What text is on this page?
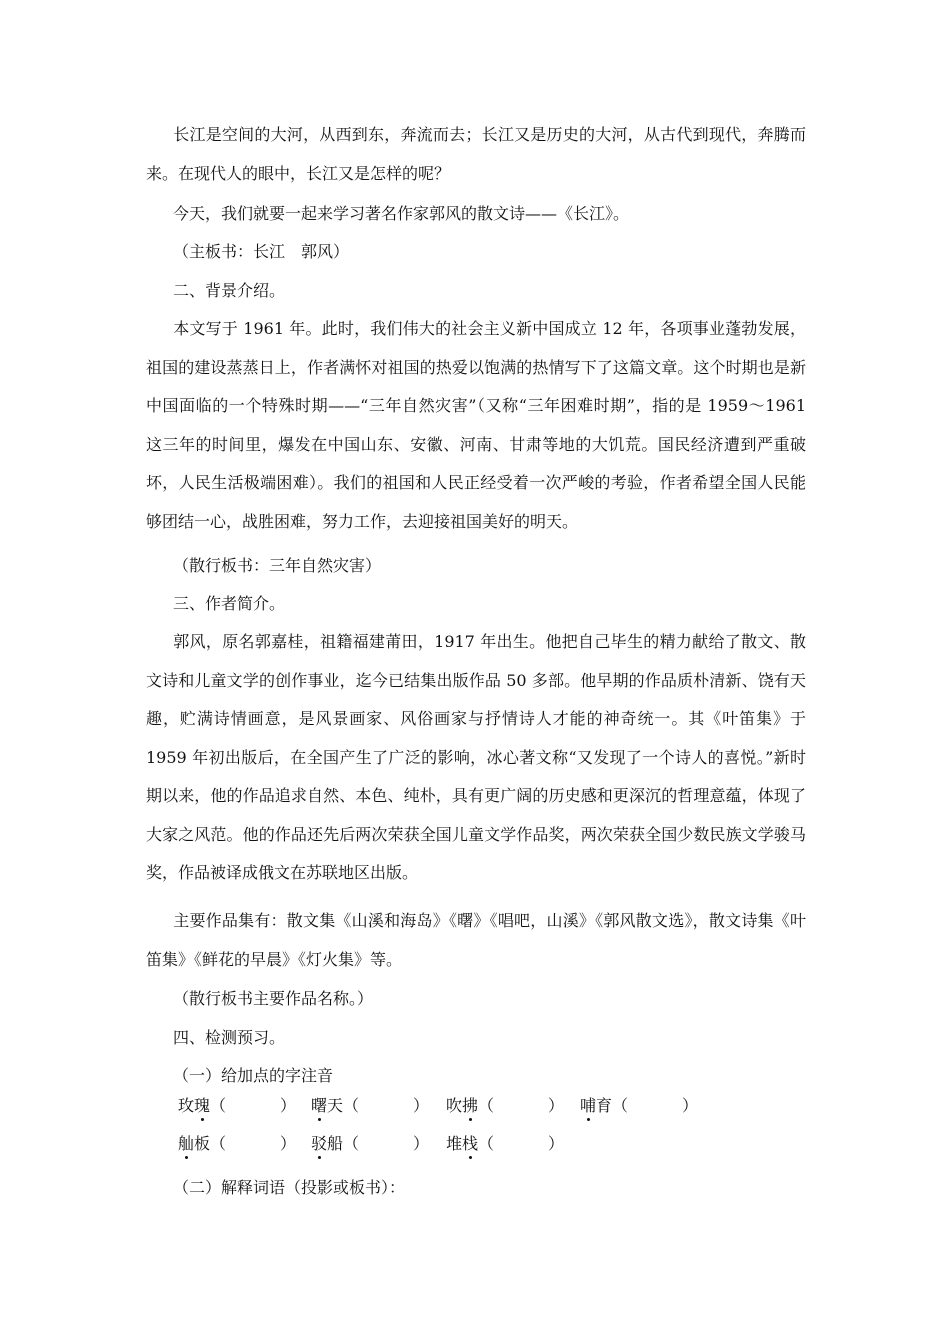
长江是空间的大河，从西到东，奔流而去；长江又是历史的大河，从古代到现代，奔腾而来。在现代人的眼中，长江又是怎样的呢？

今天，我们就要一起来学习著名作家郭风的散文诗——《长江》。

（主板书：长江　郭风）

二、背景介绍。

本文写于 1961 年。此时，我们伟大的社会主义新中国成立 12 年，各项事业蓬勃发展，祖国的建设蒸蒸日上，作者满怀对祖国的热爱以饱满的热情写下了这篇文章。这个时期也是新中国面临的一个特殊时期——“三年自然灾害”（又称“三年困难时期”，指的是 1959～1961 这三年的时间里，爆发在中国山东、安徽、河南、甘肃等地的大饥荒。国民经济遭到严重破坏，人民生活极端困难）。我们的祖国和人民正经受着一次严峻的考验，作者希望全国人民能够团结一心，战胜困难，努力工作，去迎接祖国美好的明天。

（散行板书：三年自然灾害）

三、作者简介。

郭风，原名郭嘉桂，祖籍福建莆田，1917 年出生。他把自己毕生的精力献给了散文、散文诗和儿童文学的创作事业，迄今已结集出版作品 50 多部。他早期的作品质朴清新、饶有天趣，贮满诗情画意，是风景画家、风俗画家与抒情诗人才能的神奇统一。其《叶笛集》于 1959 年初出版后，在全国产生了广泛的影响，冰心著文称“又发现了一个诗人的喜悦。”新时期以来，他的作品追求自然、本色、纯朴，具有更广阔的历史感和更深沉的哲理意蕴，体现了大家之风范。他的作品还先后两次荣获全国儿童文学作品奖，两次荣获全国少数民族文学骏马奖，作品被译成俄文在苏联地区出版。

主要作品集有：散文集《山溪和海岛》《曙》《唱吧，山溪》《郭风散文选》，散文诗集《叶笛集》《鲜花的早晨》《灯火集》等。

（散行板书主要作品名称。）

四、检测预习。

（一）给加点的字注音

玫瑰（	） 曙天（	） 吹拂（	） 哺育（	）
舢板（	） 驳船（	） 堆栈（	）

（二）解释词语（投影或板书）：
